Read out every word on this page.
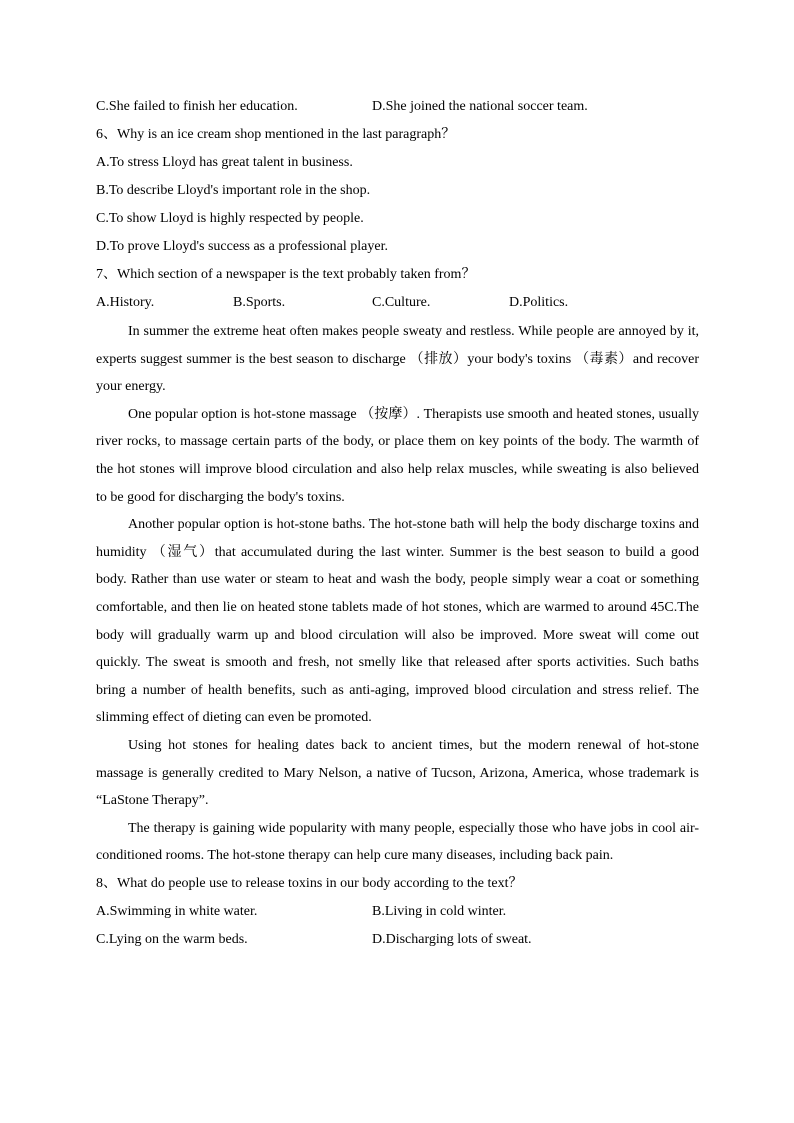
C.She failed to finish her education.	D.She joined the national soccer team.
6、Why is an ice cream shop mentioned in the last paragraph？
A.To stress Lloyd has great talent in business.
B.To describe Lloyd's important role in the shop.
C.To show Lloyd is highly respected by people.
D.To prove Lloyd's success as a professional player.
7、Which section of a newspaper is the text probably taken from？
A.History.	B.Sports.	C.Culture.	D.Politics.

In summer the extreme heat often makes people sweaty and restless. While people are annoyed by it, experts suggest summer is the best season to discharge （排放）your body's toxins （毒素）and recover your energy.

One popular option is hot-stone massage （按摩）. Therapists use smooth and heated stones, usually river rocks, to massage certain parts of the body, or place them on key points of the body. The warmth of the hot stones will improve blood circulation and also help relax muscles, while sweating is also believed to be good for discharging the body's toxins.

Another popular option is hot-stone baths. The hot-stone bath will help the body discharge toxins and humidity （湿气）that accumulated during the last winter. Summer is the best season to build a good body. Rather than use water or steam to heat and wash the body, people simply wear a coat or something comfortable, and then lie on heated stone tablets made of hot stones, which are warmed to around 45C.The body will gradually warm up and blood circulation will also be improved. More sweat will come out quickly. The sweat is smooth and fresh, not smelly like that released after sports activities. Such baths bring a number of health benefits, such as anti-aging, improved blood circulation and stress relief. The slimming effect of dieting can even be promoted.

Using hot stones for healing dates back to ancient times, but the modern renewal of hot-stone massage is generally credited to Mary Nelson, a native of Tucson, Arizona, America, whose trademark is “LaStone Therapy”.

The therapy is gaining wide popularity with many people, especially those who have jobs in cool air-conditioned rooms. The hot-stone therapy can help cure many diseases, including back pain.

8、What do people use to release toxins in our body according to the text？
A.Swimming in white water.	B.Living in cold winter.
C.Lying on the warm beds.	D.Discharging lots of sweat.
